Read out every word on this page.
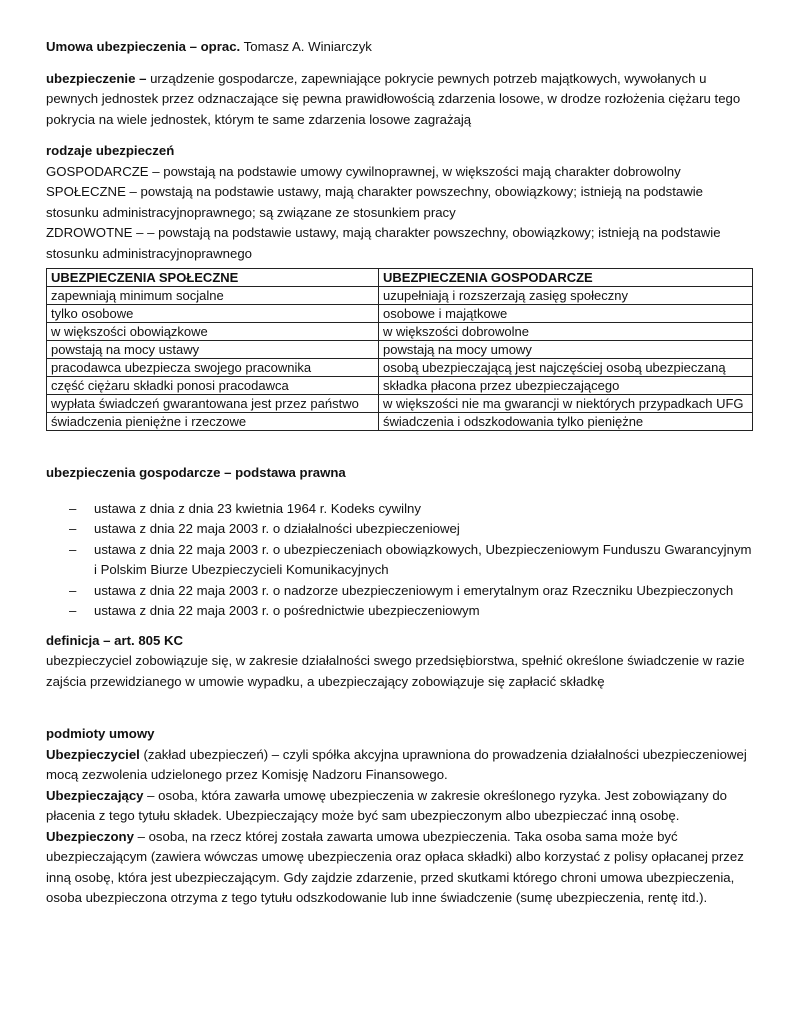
Umowa ubezpieczenia – oprac. Tomasz A. Winiarczyk

ubezpieczenie – urządzenie gospodarcze, zapewniające pokrycie pewnych potrzeb majątkowych, wywołanych u pewnych jednostek przez odznaczające się pewna prawidłowością zdarzenia losowe, w drodze rozłożenia ciężaru tego pokrycia na wiele jednostek, którym te same zdarzenia losowe zagrażają

rodzaje ubezpieczeń

GOSPODARCZE – powstają na podstawie umowy cywilnoprawnej, w większości mają charakter dobrowolny

SPOŁECZNE – powstają na podstawie ustawy, mają charakter powszechny, obowiązkowy; istnieją na podstawie stosunku administracyjnoprawnego; są związane ze stosunkiem pracy

ZDROWOTNE – – powstają na podstawie ustawy, mają charakter powszechny, obowiązkowy; istnieją na podstawie stosunku administracyjnoprawnego

UBEZPIECZENIA SPOŁECZNE	UBEZPIECZENIA GOSPODARCZE
zapewniają minimum socjalne	uzupełniają i rozszerzają zasięg społeczny
tylko osobowe	osobowe i majątkowe
w większości obowiązkowe	w większości dobrowolne
powstają na mocy ustawy	powstają na mocy umowy
pracodawca ubezpiecza swojego pracownika	osobą ubezpieczającą jest najczęściej osobą ubezpieczaną
część ciężaru składki ponosi pracodawca	składka płacona przez ubezpieczającego
wypłata świadczeń gwarantowana jest przez państwo	w większości nie ma gwarancji w niektórych przypadkach UFG
świadczenia pieniężne i rzeczowe	świadczenia i odszkodowania tylko pieniężne

ubezpieczenia gospodarcze – podstawa prawna

– ustawa z dnia z dnia 23 kwietnia 1964 r. Kodeks cywilny
– ustawa z dnia 22 maja 2003 r. o działalności ubezpieczeniowej
– ustawa z dnia 22 maja 2003 r. o ubezpieczeniach obowiązkowych, Ubezpieczeniowym Funduszu Gwarancyjnym i Polskim Biurze Ubezpieczycieli Komunikacyjnych
– ustawa z dnia 22 maja 2003 r. o nadzorze ubezpieczeniowym i emerytalnym oraz Rzeczniku Ubezpieczonych
– ustawa z dnia 22 maja 2003 r. o pośrednictwie ubezpieczeniowym

definicja – art. 805 KC

ubezpieczyciel zobowiązuje się, w zakresie działalności swego przedsiębiorstwa, spełnić określone świadczenie w razie zajścia przewidzianego w umowie wypadku, a ubezpieczający zobowiązuje się zapłacić składkę

podmioty umowy

Ubezpieczyciel (zakład ubezpieczeń) – czyli spółka akcyjna uprawniona do prowadzenia działalności ubezpieczeniowej mocą zezwolenia udzielonego przez Komisję Nadzoru Finansowego.

Ubezpieczający – osoba, która zawarła umowę ubezpieczenia w zakresie określonego ryzyka. Jest zobowiązany do płacenia z tego tytułu składek. Ubezpieczający może być sam ubezpieczonym albo ubezpieczać inną osobę.

Ubezpieczony – osoba, na rzecz której została zawarta umowa ubezpieczenia. Taka osoba sama może być ubezpieczającym (zawiera wówczas umowę ubezpieczenia oraz opłaca składki) albo korzystać z polisy opłacanej przez inną osobę, która jest ubezpieczającym. Gdy zajdzie zdarzenie, przed skutkami którego chroni umowa ubezpieczenia, osoba ubezpieczona otrzyma z tego tytułu odszkodowanie lub inne świadczenie (sumę ubezpieczenia, rentę itd.).
